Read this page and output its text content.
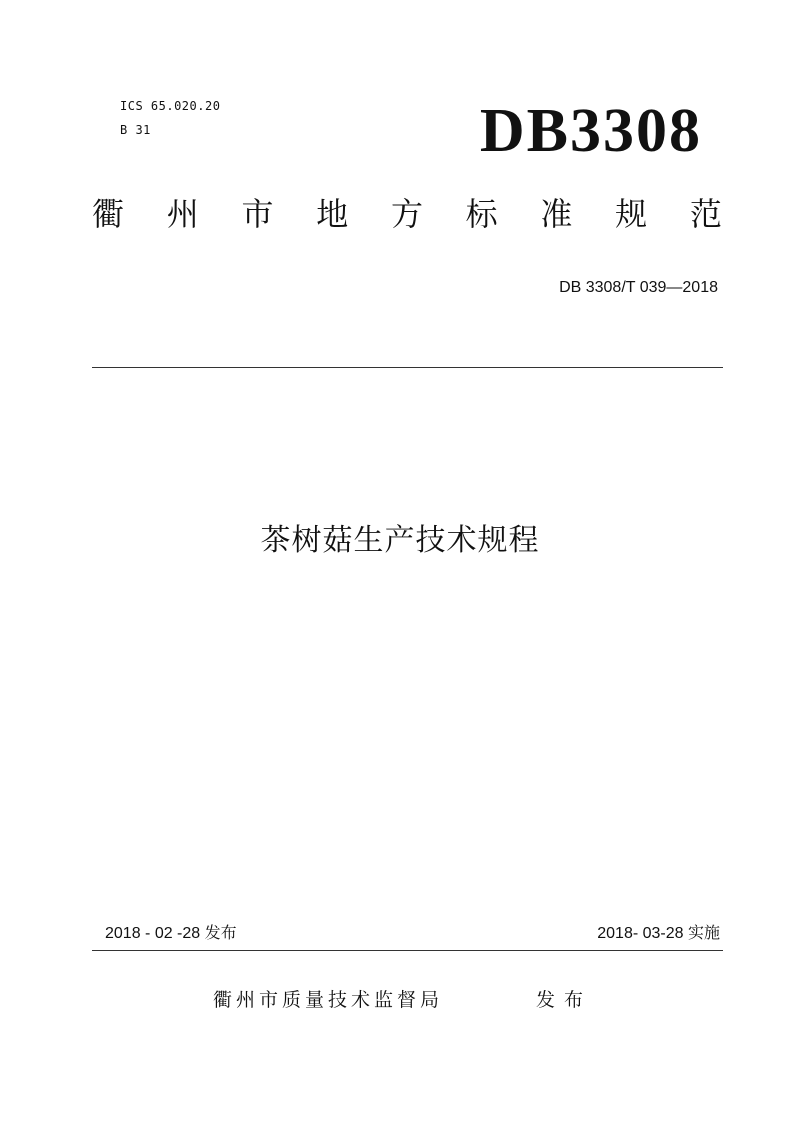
ICS 65.020.20
B 31	DB3308
衢 州 市 地 方 标 准 规 范
DB 3308/T 039—2018
茶树菇生产技术规程
2018 - 02 -28 发布	2018- 03-28 实施
衢州市质量技术监督局	发布
